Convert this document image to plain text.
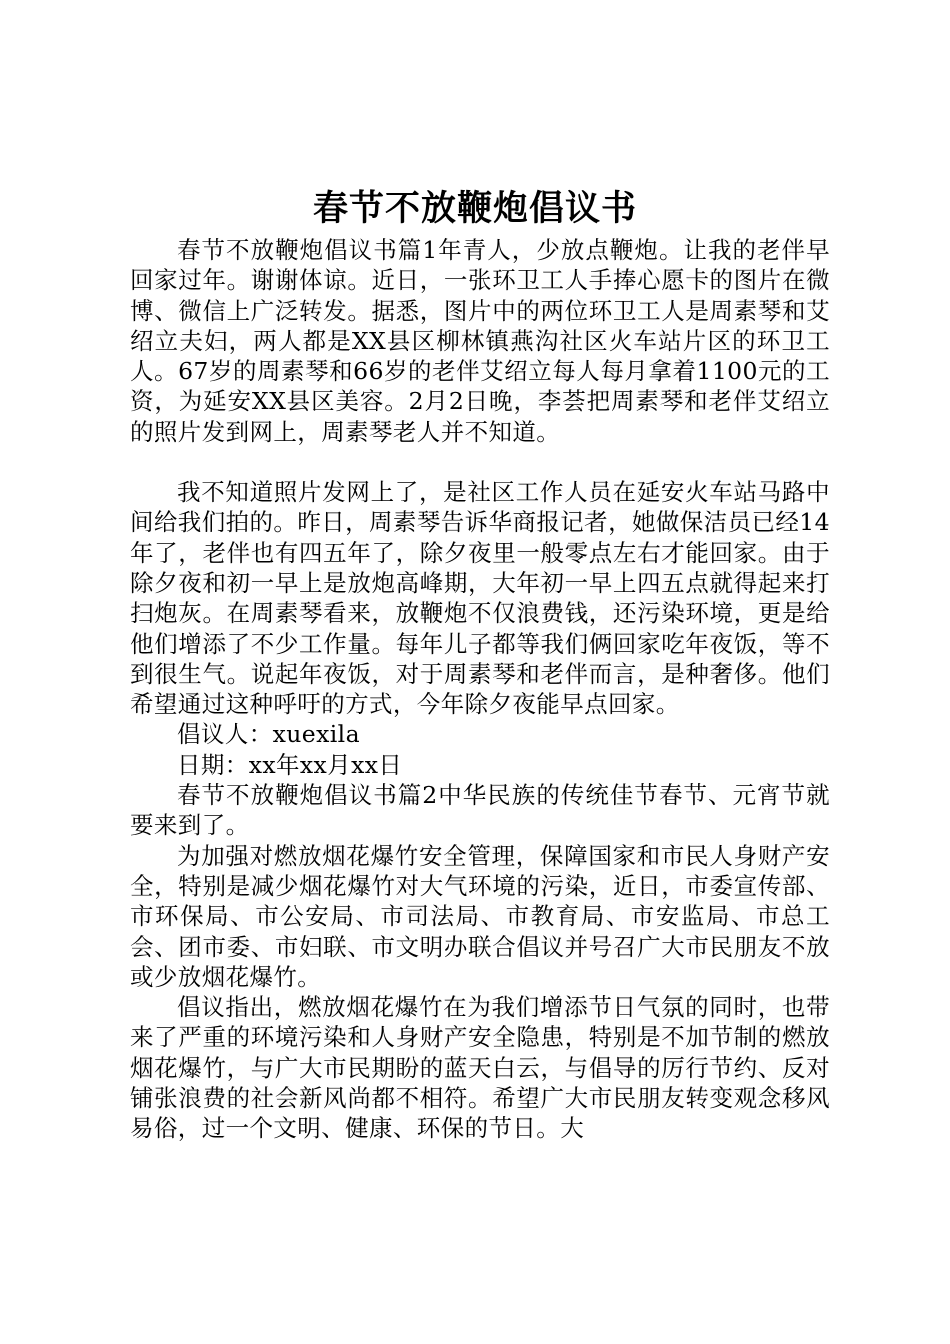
春节不放鞭炮倡议书

春节不放鞭炮倡议书篇1年青人，少放点鞭炮。让我的老伴早回家过年。谢谢体谅。近日，一张环卫工人手捧心愿卡的图片在微博、微信上广泛转发。据悉，图片中的两位环卫工人是周素琴和艾绍立夫妇，两人都是XX县区柳林镇燕沟社区火车站片区的环卫工人。67岁的周素琴和66岁的老伴艾绍立每人每月拿着1100元的工资，为延安XX县区美容。2月2日晚，李荟把周素琴和老伴艾绍立的照片发到网上，周素琴老人并不知道。

我不知道照片发网上了，是社区工作人员在延安火车站马路中间给我们拍的。昨日，周素琴告诉华商报记者，她做保洁员已经14年了，老伴也有四五年了，除夕夜里一般零点左右才能回家。由于除夕夜和初一早上是放炮高峰期，大年初一早上四五点就得起来打扫炮灰。在周素琴看来，放鞭炮不仅浪费钱，还污染环境，更是给他们增添了不少工作量。每年儿子都等我们俩回家吃年夜饭，等不到很生气。说起年夜饭，对于周素琴和老伴而言，是种奢侈。他们希望通过这种呼吁的方式，今年除夕夜能早点回家。

倡议人：xuexila

日期：xx年xx月xx日

春节不放鞭炮倡议书篇2中华民族的传统佳节春节、元宵节就要来到了。

为加强对燃放烟花爆竹安全管理，保障国家和市民人身财产安全，特别是减少烟花爆竹对大气环境的污染，近日，市委宣传部、市环保局、市公安局、市司法局、市教育局、市安监局、市总工会、团市委、市妇联、市文明办联合倡议并号召广大市民朋友不放或少放烟花爆竹。

倡议指出，燃放烟花爆竹在为我们增添节日气氛的同时，也带来了严重的环境污染和人身财产安全隐患，特别是不加节制的燃放烟花爆竹，与广大市民期盼的蓝天白云，与倡导的厉行节约、反对铺张浪费的社会新风尚都不相符。希望广大市民朋友转变观念移风易俗，过一个文明、健康、环保的节日。大
